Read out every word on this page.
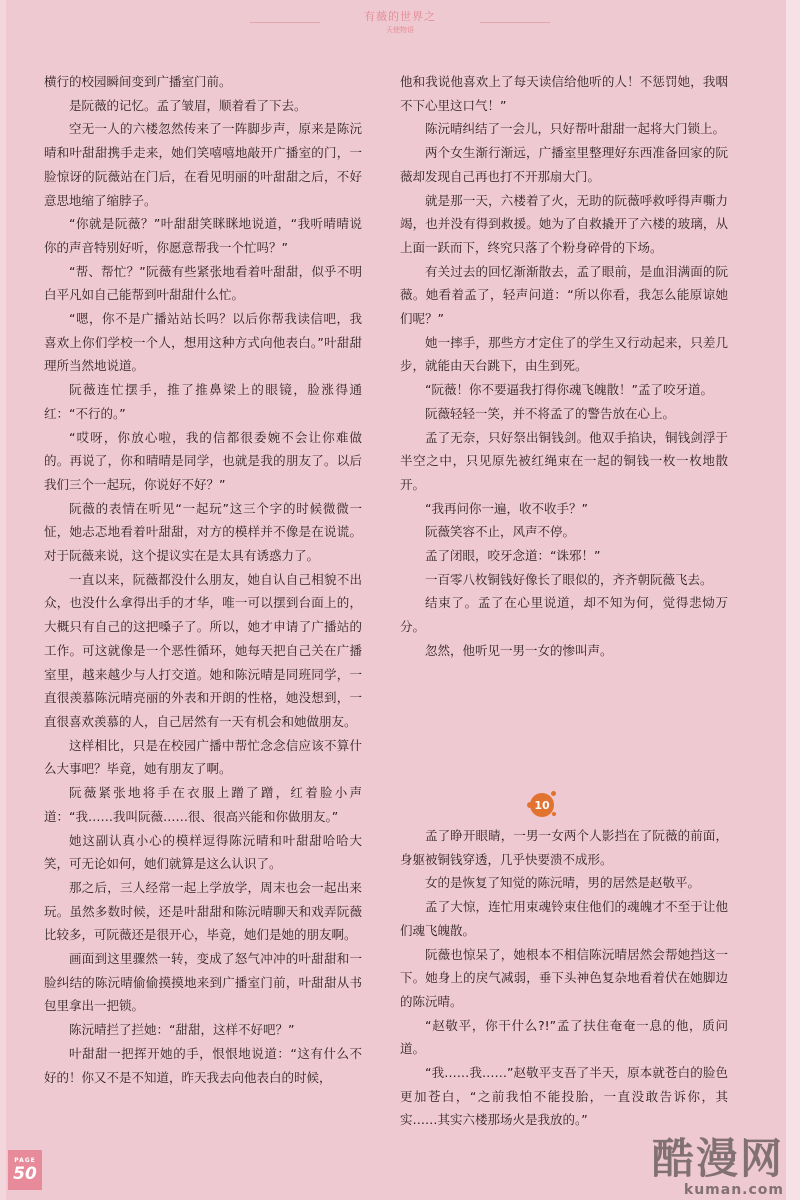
有薇的世界之
天使物语

横行的校园瞬间变到广播室门前。

是阮薇的记忆。孟了皱眉，顺着看了下去。

空无一人的六楼忽然传来了一阵脚步声，原来是陈沅晴和叶甜甜携手走来，她们笑嘻嘻地敲开广播室的门，一脸惊讶的阮薇站在门后，在看见明丽的叶甜甜之后，不好意思地缩了缩脖子。

“你就是阮薇？”叶甜甜笑眯眯地说道，“我听晴晴说你的声音特别好听，你愿意帮我一个忙吗？”

“帮、帮忙？”阮薇有些紧张地看着叶甜甜，似乎不明白平凡如自己能帮到叶甜甜什么忙。

“嗯，你不是广播站站长吗？以后你帮我读信吧，我喜欢上你们学校一个人，想用这种方式向他表白。”叶甜甜理所当然地说道。

阮薇连忙摆手，推了推鼻梁上的眼镜，脸涨得通红：“不行的。”

“哎呀，你放心啦，我的信都很委婉不会让你难做的。再说了，你和晴晴是同学，也就是我的朋友了。以后我们三个一起玩，你说好不好？”

阮薇的表情在听见“一起玩”这三个字的时候微微一怔，她忐忑地看着叶甜甜，对方的模样并不像是在说谎。对于阮薇来说，这个提议实在是太具有诱惑力了。

一直以来，阮薇都没什么朋友，她自认自己相貌不出众，也没什么拿得出手的才华，唯一可以摆到台面上的，大概只有自己的这把嗓子了。所以，她才申请了广播站的工作。可这就像是一个恶性循环，她每天把自己关在广播室里，越来越少与人打交道。她和陈沅晴是同班同学，一直很羡慕陈沅晴亮丽的外表和开朗的性格，她没想到，一直很喜欢羡慕的人，自己居然有一天有机会和她做朋友。

这样相比，只是在校园广播中帮忙念念信应该不算什么大事吧？毕竟，她有朋友了啊。

阮薇紧张地将手在衣服上蹭了蹭，红着脸小声道：“我……我叫阮薇……很、很高兴能和你做朋友。”

她这副认真小心的模样逗得陈沅晴和叶甜甜哈哈大笑，可无论如何，她们就算是这么认识了。

那之后，三人经常一起上学放学，周末也会一起出来玩。虽然多数时候，还是叶甜甜和陈沅晴聊天和戏弄阮薇比较多，可阮薇还是很开心，毕竟，她们是她的朋友啊。

画面到这里骤然一转，变成了怒气冲冲的叶甜甜和一脸纠结的陈沅晴偷偷摸摸地来到广播室门前，叶甜甜从书包里拿出一把锁。

陈沅晴拦了拦她：“甜甜，这样不好吧？”

叶甜甜一把挥开她的手，恨恨地说道：“这有什么不好的！你又不是不知道，昨天我去向他表白的时候，

他和我说他喜欢上了每天读信给他听的人！不惩罚她，我咽不下心里这口气！”

陈沅晴纠结了一会儿，只好帮叶甜甜一起将大门锁上。

两个女生渐行渐远，广播室里整理好东西准备回家的阮薇却发现自己再也打不开那扇大门。

就是那一天，六楼着了火，无助的阮薇呼救呼得声嘶力竭，也并没有得到救援。她为了自救撬开了六楼的玻璃，从上面一跃而下，终究只落了个粉身碎骨的下场。

有关过去的回忆渐渐散去，孟了眼前，是血泪满面的阮薇。她看着孟了，轻声问道：“所以你看，我怎么能原谅她们呢？”

她一摔手，那些方才定住了的学生又行动起来，只差几步，就能由天台跳下，由生到死。

“阮薇！你不要逼我打得你魂飞魄散！”孟了咬牙道。

阮薇轻轻一笑，并不将孟了的警告放在心上。

孟了无奈，只好祭出铜钱剑。他双手掐诀，铜钱剑浮于半空之中，只见原先被红绳束在一起的铜钱一枚一枚地散开。

“我再问你一遍，收不收手？”

阮薇笑容不止，风声不停。

孟了闭眼，咬牙念道：“诛邪！”

一百零八枚铜钱好像长了眼似的，齐齐朝阮薇飞去。

结束了。孟了在心里说道，却不知为何，觉得悲恸万分。

忽然，他听见一男一女的惨叫声。

10

孟了睁开眼睛，一男一女两个人影挡在了阮薇的前面，身躯被铜钱穿透，几乎快要溃不成形。

女的是恢复了知觉的陈沅晴，男的居然是赵敬平。

孟了大惊，连忙用束魂铃束住他们的魂魄才不至于让他们魂飞魄散。

阮薇也惊呆了，她根本不相信陈沅晴居然会帮她挡这一下。她身上的戾气减弱，垂下头神色复杂地看着伏在她脚边的陈沅晴。

“赵敬平，你干什么?!”孟了扶住奄奄一息的他，质问道。

“我……我……”赵敬平支吾了半天，原本就苍白的脸色更加苍白，“之前我怕不能投胎，一直没敢告诉你，其实……其实六楼那场火是我放的。”

PAGE
50	酷漫网
kuman.com
